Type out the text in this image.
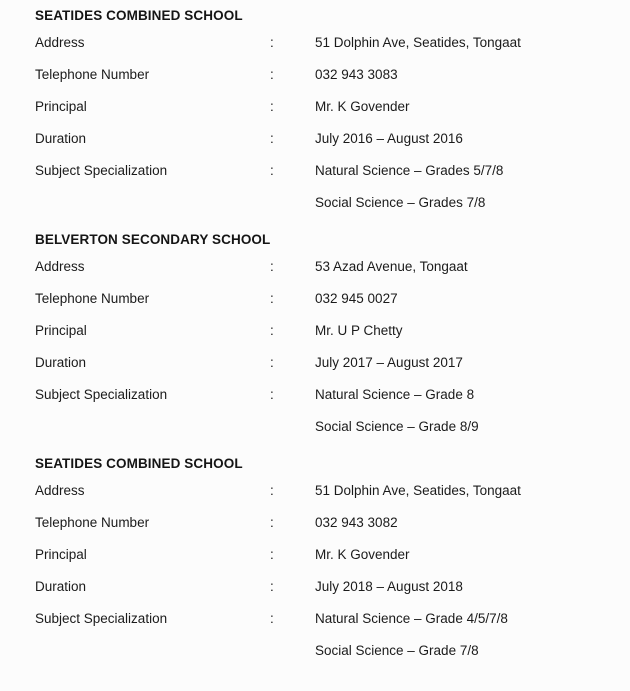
SEATIDES COMBINED SCHOOL
Address	:	51 Dolphin Ave, Seatides, Tongaat
Telephone Number	:	032 943 3083
Principal	:	Mr. K Govender
Duration	:	July 2016 – August 2016
Subject Specialization	:	Natural Science – Grades 5/7/8
Social Science – Grades 7/8
BELVERTON SECONDARY SCHOOL
Address	:	53 Azad Avenue, Tongaat
Telephone Number	:	032 945 0027
Principal	:	Mr. U P Chetty
Duration	:	July 2017 – August 2017
Subject Specialization	:	Natural Science – Grade 8
Social Science – Grade 8/9
SEATIDES COMBINED SCHOOL
Address	:	51 Dolphin Ave, Seatides, Tongaat
Telephone Number	:	032 943 3082
Principal	:	Mr. K Govender
Duration	:	July 2018 – August 2018
Subject Specialization	:	Natural Science – Grade 4/5/7/8
Social Science – Grade 7/8
